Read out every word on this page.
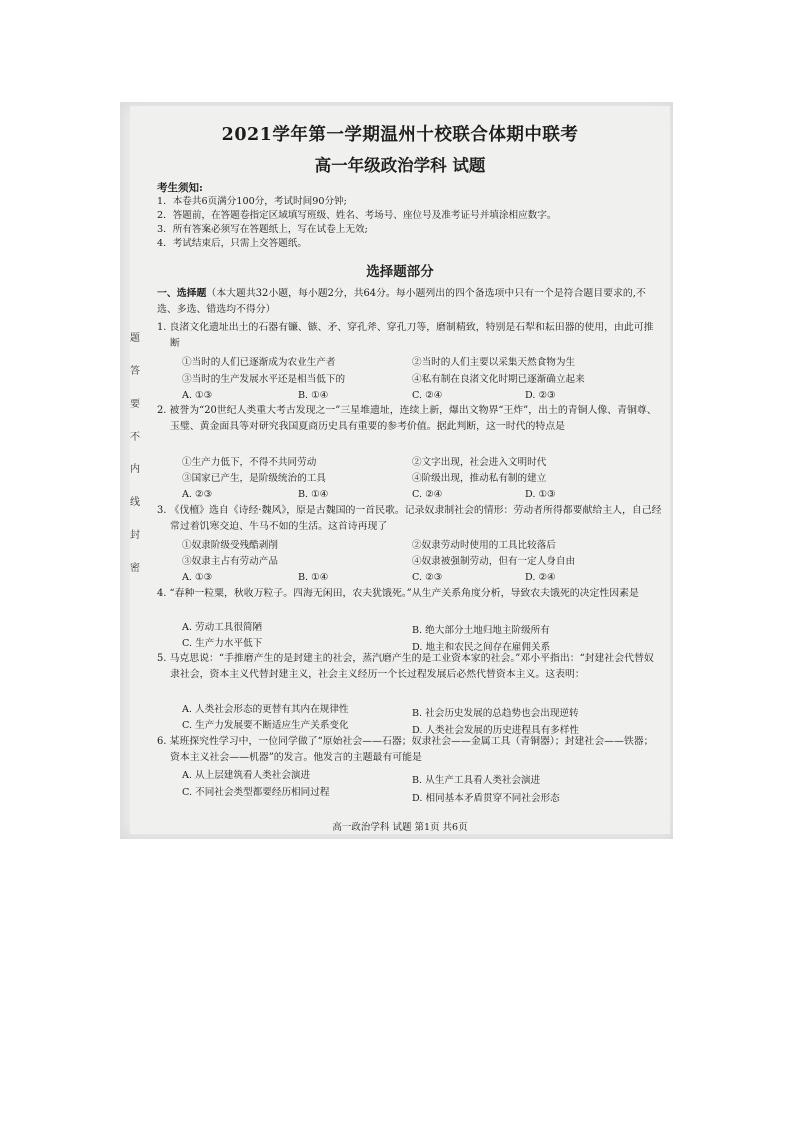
题
答
要
不
内
线
封
密
2021学年第一学期温州十校联合体期中联考
高一年级政治学科 试题
考生须知:
1．本卷共6页满分100分，考试时间90分钟;
2．答题前，在答题卷指定区域填写班级、姓名、考场号、座位号及准考证号并填涂相应数字。
3．所有答案必须写在答题纸上，写在试卷上无效;
4．考试结束后，只需上交答题纸。
选择题部分
一、选择题（本大题共32小题，每小题2分，共64分。每小题列出的四个备选项中只有一个是符合题目要求的,不选、多选、错选均不得分）
1. 良渚文化遗址出土的石器有镰、镞、矛、穿孔斧、穿孔刀等，磨制精致，特别是石犁和耘田器的使用，由此可推断
①当时的人们已逐渐成为农业生产者	②当时的人们主要以采集天然食物为生
③当时的生产发展水平还是相当低下的	④私有制在良渚文化时期已逐渐确立起来
A. ①③	B. ①④	C. ②④	D. ②③
2. 被誉为“20世纪人类重大考古发现之一”三星堆遗址，连续上新，爆出文物界“王炸”，出土的青铜人像、青铜尊、玉璧、黄金面具等对研究我国夏商历史具有重要的参考价值。据此判断，这一时代的特点是
①生产力低下，不得不共同劳动	②文字出现，社会进入文明时代
③国家已产生，是阶级统治的工具	④阶级出现，推动私有制的建立
A. ②③	B. ①④	C. ②④	D. ①③
3. 《伐檀》选自《诗经·魏风》，原是古魏国的一首民歌。记录奴隶制社会的情形：劳动者所得都要献给主人，自己经常过着饥寒交迫、牛马不如的生活。这首诗再现了
①奴隶阶级受残酷剥削	②奴隶劳动时使用的工具比较落后
③奴隶主占有劳动产品	④奴隶被强制劳动，但有一定人身自由
A. ①③	B. ①④	C. ②③	D. ②④
4. “春种一粒粟，秋收万粒子。四海无闲田，农夫犹饿死。”从生产关系角度分析，导致农夫饿死的决定性因素是
A. 劳动工具很简陋	B. 绝大部分土地归地主阶级所有
C. 生产力水平低下	D. 地主和农民之间存在雇佣关系
5. 马克思说：“手推磨产生的是封建主的社会，蒸汽磨产生的是工业资本家的社会。”邓小平指出：“封建社会代替奴隶社会，资本主义代替封建主义，社会主义经历一个长过程发展后必然代替资本主义。这表明：
A. 人类社会形态的更替有其内在规律性	B. 社会历史发展的总趋势也会出现逆转
C. 生产力发展要不断适应生产关系变化	D. 人类社会发展的历史进程具有多样性
6. 某班探究性学习中，一位同学做了“原始社会——石器；奴隶社会——金属工具（青铜器）；封建社会——铁器；资本主义社会——机器”的发言。他发言的主题最有可能是
A. 从上层建筑看人类社会演进	B. 从生产工具看人类社会演进
C. 不同社会类型都要经历相同过程
D. 相同基本矛盾贯穿不同社会形态
高一政治学科 试题 第1页 共6页
